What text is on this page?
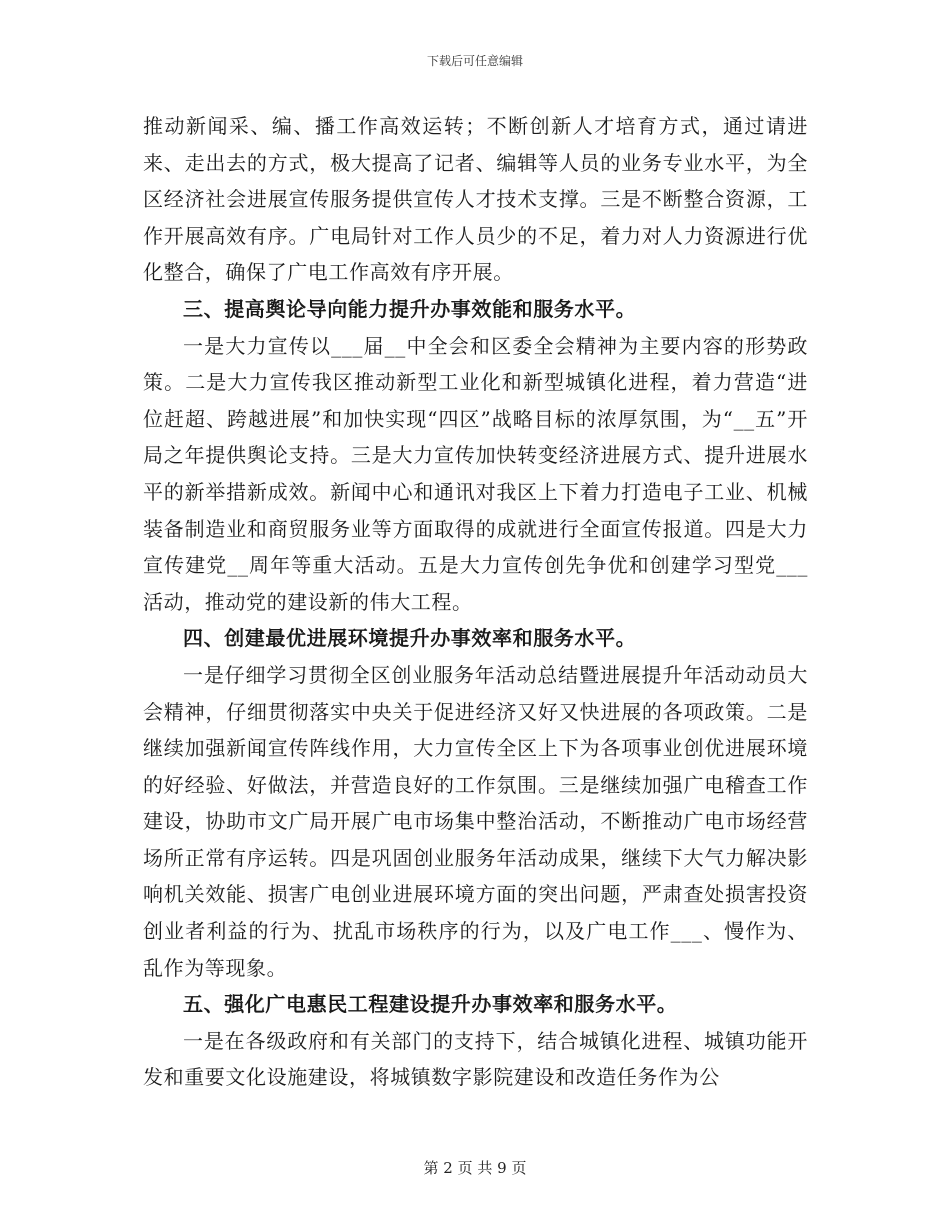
下载后可任意编辑

推动新闻采、编、播工作高效运转；不断创新人才培育方式，通过请进来、走出去的方式，极大提高了记者、编辑等人员的业务专业水平，为全区经济社会进展宣传服务提供宣传人才技术支撑。三是不断整合资源，工作开展高效有序。广电局针对工作人员少的不足，着力对人力资源进行优化整合，确保了广电工作高效有序开展。

三、提高舆论导向能力提升办事效能和服务水平。

一是大力宣传以___届__中全会和区委全会精神为主要内容的形势政策。二是大力宣传我区推动新型工业化和新型城镇化进程，着力营造“进位赶超、跨越进展”和加快实现“四区”战略目标的浓厚氛围，为“__五”开局之年提供舆论支持。三是大力宣传加快转变经济进展方式、提升进展水平的新举措新成效。新闻中心和通讯对我区上下着力打造电子工业、机械装备制造业和商贸服务业等方面取得的成就进行全面宣传报道。四是大力宣传建党__周年等重大活动。五是大力宣传创先争优和创建学习型党___活动，推动党的建设新的伟大工程。

四、创建最优进展环境提升办事效率和服务水平。

一是仔细学习贯彻全区创业服务年活动总结暨进展提升年活动动员大会精神，仔细贯彻落实中央关于促进经济又好又快进展的各项政策。二是继续加强新闻宣传阵线作用，大力宣传全区上下为各项事业创优进展环境的好经验、好做法，并营造良好的工作氛围。三是继续加强广电稽查工作建设，协助市文广局开展广电市场集中整治活动，不断推动广电市场经营场所正常有序运转。四是巩固创业服务年活动成果，继续下大气力解决影响机关效能、损害广电创业进展环境方面的突出问题，严肃查处损害投资创业者利益的行为、扰乱市场秩序的行为，以及广电工作___、慢作为、乱作为等现象。

五、强化广电惠民工程建设提升办事效率和服务水平。

一是在各级政府和有关部门的支持下，结合城镇化进程、城镇功能开发和重要文化设施建设，将城镇数字影院建设和改造任务作为公

第 2 页 共 9 页
